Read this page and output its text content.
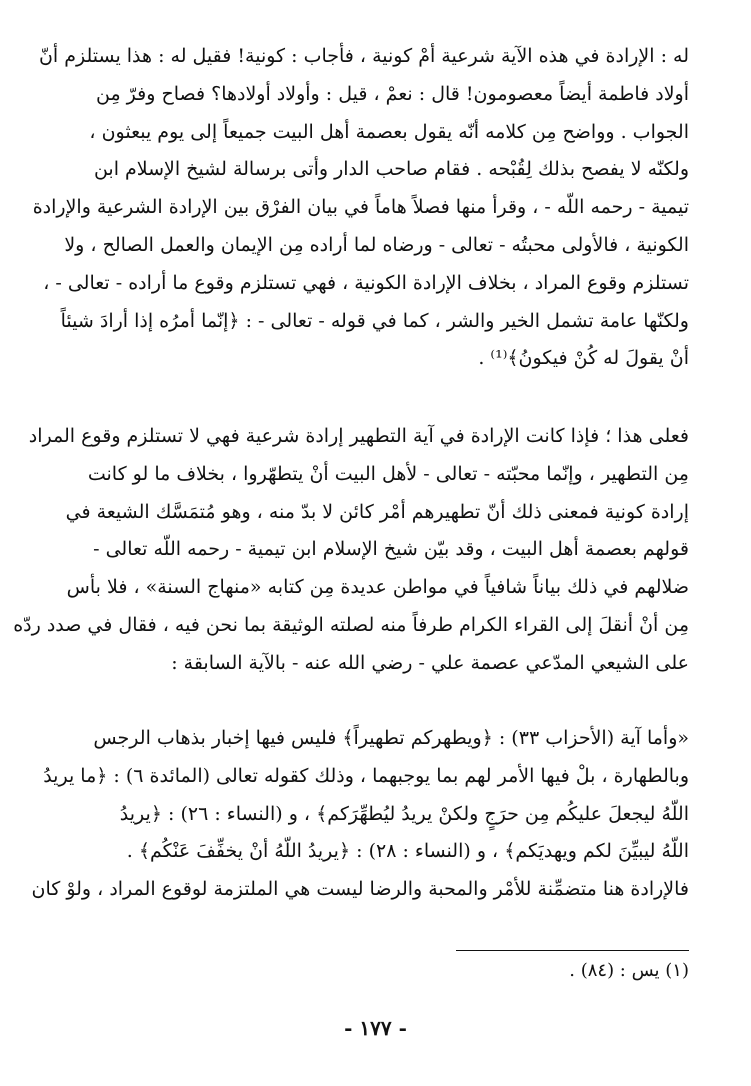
له : الإرادة في هذه الآية شرعية أمْ كونية ، فأجاب : كونية! فقيل له : هذا يستلزم أنّ
أولاد فاطمة أيضاً معصومون! قال : نعمْ ، قيل : وأولاد أولادها؟ فصاح وفرّ مِن
الجواب . وواضح مِن كلامه أنّه يقول بعصمة أهل البيت جميعاً إلى يوم يبعثون ،
ولكنّه لا يفصح بذلك لِقُبْحه . فقام صاحب الدار وأتى برسالة لشيخ الإسلام ابن
تيمية - رحمه اللّه - ، وقرأ منها فصلاً هاماً في بيان الفرْق بين الإرادة الشرعية والإرادة
الكونية ، فالأولى محبتُه - تعالى - ورضاه لما أراده مِن الإيمان والعمل الصالح ، ولا
تستلزم وقوع المراد ، بخلاف الإرادة الكونية ، فهي تستلزم وقوع ما أراده - تعالى - ،
ولكنّها عامة تشمل الخير والشر ، كما في قوله - تعالى - : ﴿إنّما أمرُه إذا أرادَ شيئاً
أنْ يقولَ له كُنْ فيكونُ﴾⁽¹⁾ .
فعلى هذا ؛ فإذا كانت الإرادة في آية التطهير إرادة شرعية فهي لا تستلزم وقوع المراد
مِن التطهير ، وإنّما محبّته - تعالى - لأهل البيت أنْ يتطهّروا ، بخلاف ما لو كانت
إرادة كونية فمعنى ذلك أنّ تطهيرهم أمْر كائن لا بدّ منه ، وهو مُتمَسَّك الشيعة في
قولهم بعصمة أهل البيت ، وقد بيّن شيخ الإسلام ابن تيمية - رحمه اللّه تعالى -
ضلالهم في ذلك بياناً شافياً في مواطن عديدة مِن كتابه «منهاج السنة» ، فلا بأس
مِن أنْ أنقلَ إلى القراء الكرام طرفاً منه لصلته الوثيقة بما نحن فيه ، فقال في صدد ردّه
على الشيعي المدّعي عصمة علي - رضي الله عنه - بالآية السابقة :
«وأما آية (الأحزاب ٣٣) : ﴿ويطهركم تطهيراً﴾ فليس فيها إخبار بذهاب الرجس
وبالطهارة ، بلْ فيها الأمر لهم بما يوجبهما ، وذلك كقوله تعالى (المائدة ٦) : ﴿ما يريدُ
اللّهُ ليجعلَ عليكُم مِن حرَجٍ ولكنْ يريدُ ليُطهِّرَكم﴾ ، و (النساء : ٢٦) : ﴿يريدُ
اللّهُ ليبيِّنَ لكم ويهديَكم﴾ ، و (النساء : ٢٨) : ﴿يريدُ اللّهُ أنْ يخفِّفَ عَنْكُم﴾ .
فالإرادة هنا متضمِّنة للأمْر والمحبة والرضا ليست هي الملتزمة لوقوع المراد ، ولوْ كان
(١) يس : (٨٤) .
- ١٧٧ -
